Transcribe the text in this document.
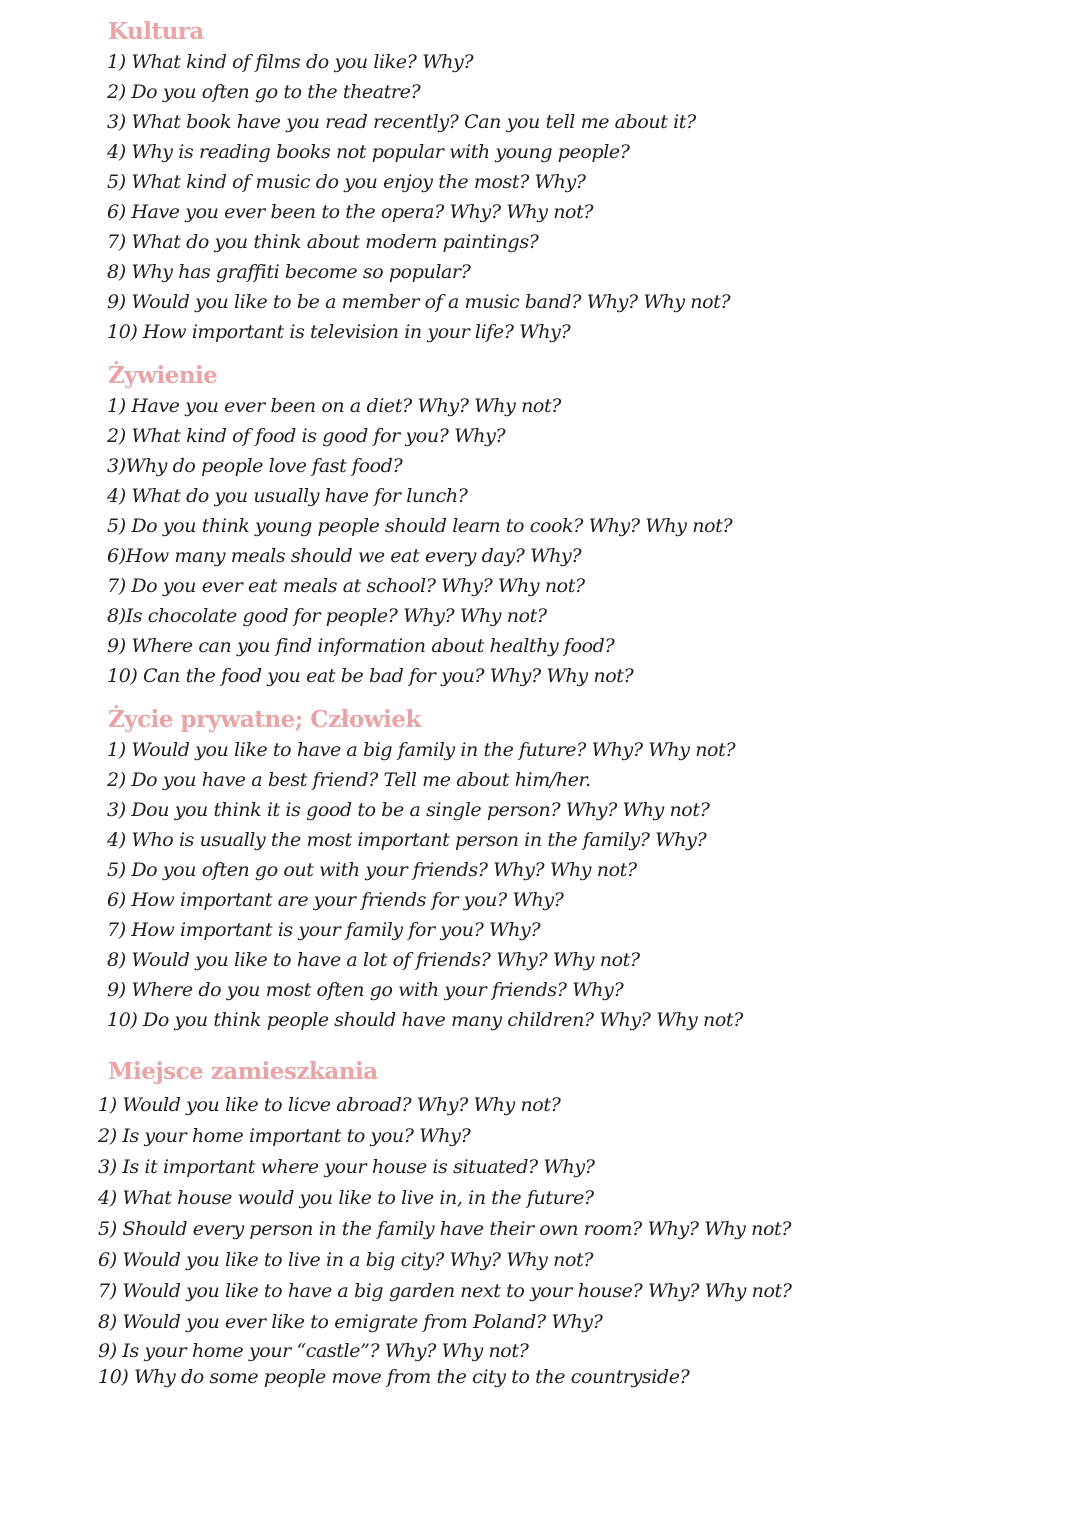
Kultura
1) What kind of films do you like? Why?
2) Do you often go to the theatre?
3) What book have you read recently? Can you tell me about it?
4) Why is reading books not popular with young people?
5) What kind of music do you enjoy the most? Why?
6) Have you ever been to the opera? Why? Why not?
7) What do you think about modern paintings?
8) Why has graffiti become so popular?
9) Would you like to be a member of a music band? Why? Why not?
10) How important is television in your life? Why?
Żywienie
1) Have you ever been on a diet? Why? Why not?
2) What kind of food is good for you? Why?
3)Why do people love fast food?
4) What do you usually have for lunch?
5) Do you think young people should learn to cook? Why? Why not?
6)How many meals should we eat every day? Why?
7) Do you ever eat meals at school? Why? Why not?
8)Is chocolate good for people? Why? Why not?
9) Where can you find information about healthy food?
10) Can the food you eat be bad for you? Why? Why not?
Życie prywatne; Człowiek
1) Would you like to have a big family in the future? Why? Why not?
2) Do you have a best friend? Tell me about him/her.
3) Dou you think it is good to be a single person? Why? Why not?
4) Who is usually the most important person in the family? Why?
5) Do you often go out with your friends? Why? Why not?
6) How important are your friends for you? Why?
7) How important is your family for you? Why?
8) Would you like to have a lot of friends? Why? Why not?
9) Where do you most often go with your friends? Why?
10) Do you think people should have many children? Why? Why not?
Miejsce zamieszkania
1) Would you like to licve abroad? Why? Why not?
2) Is your home important to you? Why?
3) Is it important where your house is situated? Why?
4) What house would you like to live in, in the future?
5) Should every person in the family have their own room? Why? Why not?
6) Would you like to live in a big city? Why? Why not?
7) Would you like to have a big garden next to your house? Why? Why not?
8) Would you ever like to emigrate from Poland? Why?
9) Is your home your “castle”? Why? Why not?
10) Why do some people move from the city to the countryside?
